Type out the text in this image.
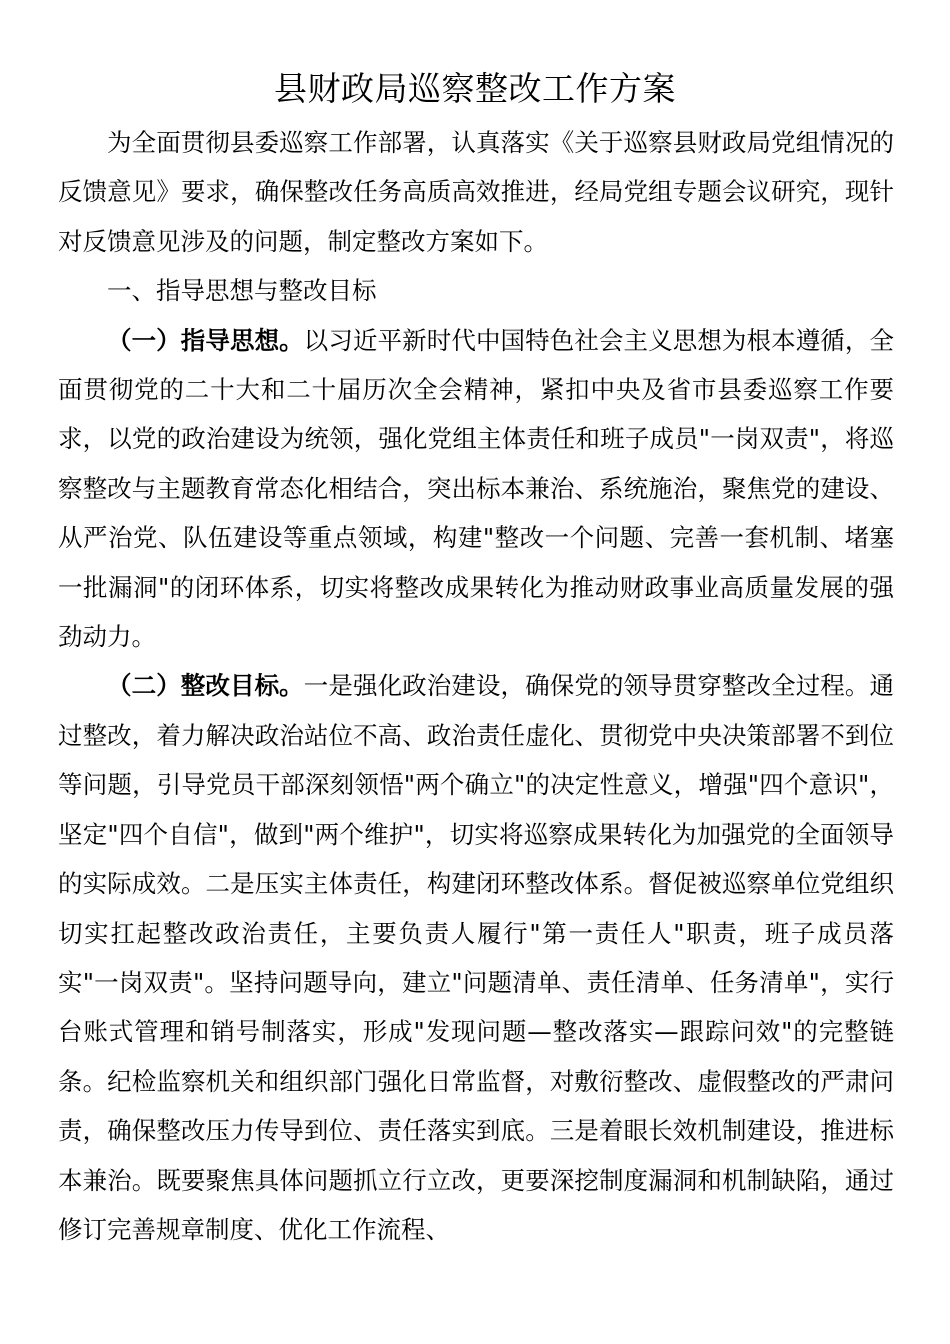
县财政局巡察整改工作方案

为全面贯彻县委巡察工作部署，认真落实《关于巡察县财政局党组情况的反馈意见》要求，确保整改任务高质高效推进，经局党组专题会议研究，现针对反馈意见涉及的问题，制定整改方案如下。

一、指导思想与整改目标

（一）指导思想。以习近平新时代中国特色社会主义思想为根本遵循，全面贯彻党的二十大和二十届历次全会精神，紧扣中央及省市县委巡察工作要求，以党的政治建设为统领，强化党组主体责任和班子成员"一岗双责"，将巡察整改与主题教育常态化相结合，突出标本兼治、系统施治，聚焦党的建设、从严治党、队伍建设等重点领域，构建"整改一个问题、完善一套机制、堵塞一批漏洞"的闭环体系，切实将整改成果转化为推动财政事业高质量发展的强劲动力。

（二）整改目标。一是强化政治建设，确保党的领导贯穿整改全过程。通过整改，着力解决政治站位不高、政治责任虚化、贯彻党中央决策部署不到位等问题，引导党员干部深刻领悟"两个确立"的决定性意义，增强"四个意识"，坚定"四个自信"，做到"两个维护"，切实将巡察成果转化为加强党的全面领导的实际成效。二是压实主体责任，构建闭环整改体系。督促被巡察单位党组织切实扛起整改政治责任，主要负责人履行"第一责任人"职责，班子成员落实"一岗双责"。坚持问题导向，建立"问题清单、责任清单、任务清单"，实行台账式管理和销号制落实，形成"发现问题—整改落实—跟踪问效"的完整链条。纪检监察机关和组织部门强化日常监督，对敷衍整改、虚假整改的严肃问责，确保整改压力传导到位、责任落实到底。三是着眼长效机制建设，推进标本兼治。既要聚焦具体问题抓立行立改，更要深挖制度漏洞和机制缺陷，通过修订完善规章制度、优化工作流程、
